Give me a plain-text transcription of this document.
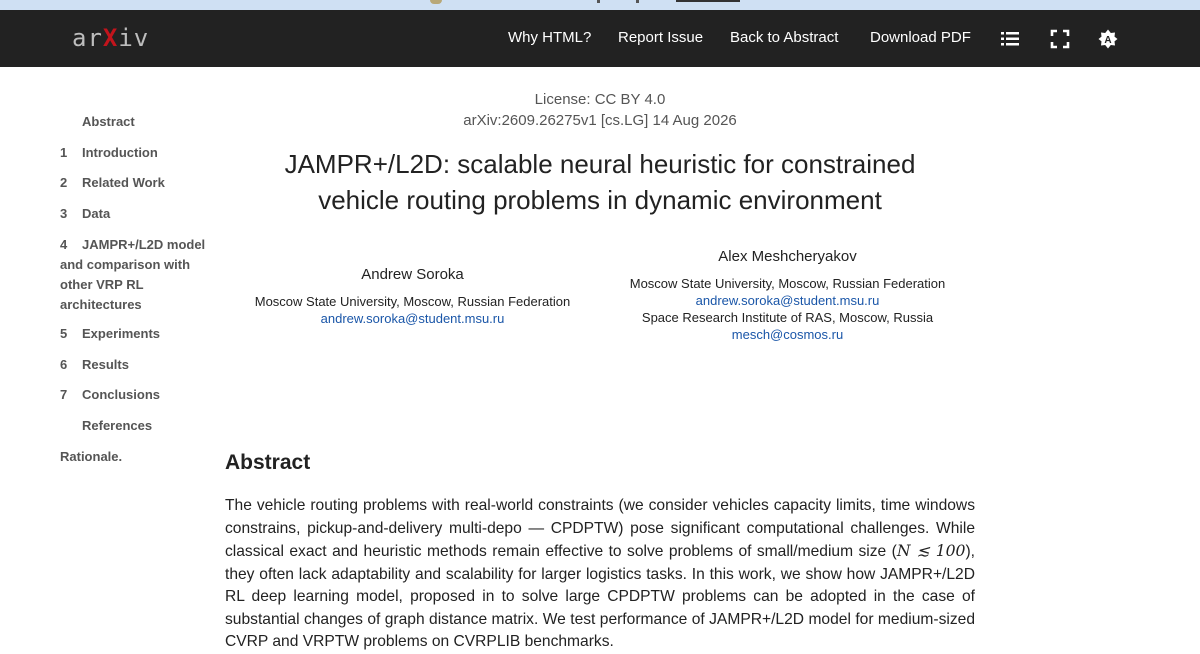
arXiv	Why HTML? Report Issue Back to Abstract Download PDF	A
Abstract
1	Introduction
2	Related Work
3	Data
4	JAMPR+/L2D model and comparison with other VRP RL architectures
5	Experiments
6	Results
7	Conclusions
References
Rationale.
License: CC BY 4.0
arXiv:2609.26275v1 [cs.LG] 14 Aug 2026
JAMPR+/L2D: scalable neural heuristic for constrained
vehicle routing problems in dynamic environment
Andrew Soroka
Moscow State University, Moscow, Russian Federation
andrew.soroka@student.msu.ru
Alex Meshcheryakov
Moscow State University, Moscow, Russian Federation
andrew.soroka@student.msu.ru
Space Research Institute of RAS, Moscow, Russia
mesch@cosmos.ru
Abstract
The vehicle routing problems with real-world constraints (we consider vehicles capacity limits, time windows constrains, pickup-and-delivery multi-depo — CPDPTW) pose significant computational challenges. While classical exact and heuristic methods remain effective to solve problems of small/medium size (N ≲ 100), they often lack adaptability and scalability for larger logistics tasks. In this work, we show how JAMPR+/L2D RL deep learning model, proposed in to solve large CPDPTW problems can be adopted in the case of substantial changes of graph distance matrix. We test performance of JAMPR+/L2D model for medium-sized CVRP and VRPTW problems on CVRPLIB benchmarks.
